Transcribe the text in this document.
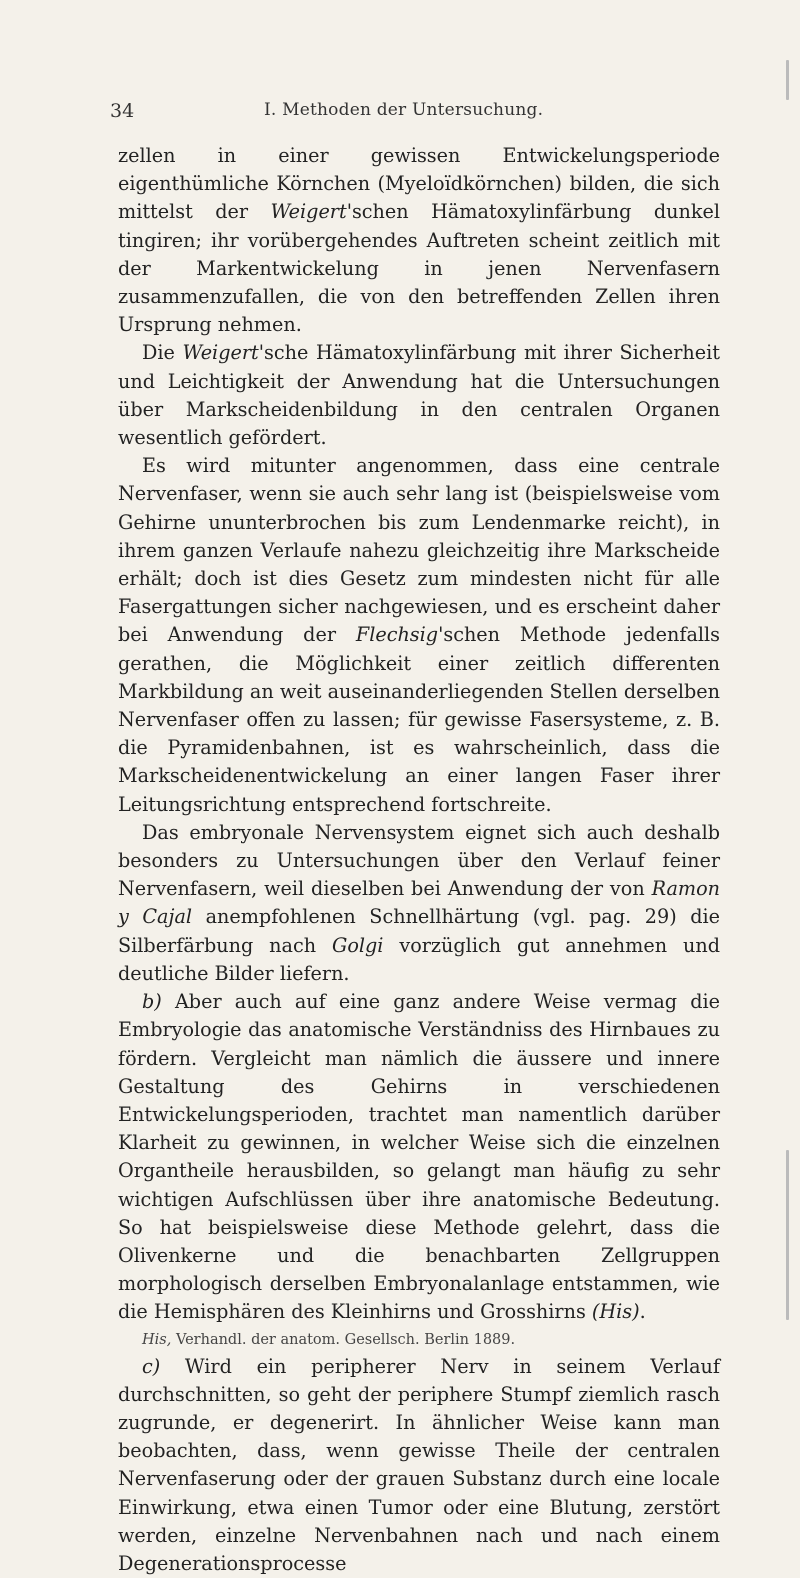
34	I. Methoden der Untersuchung.

zellen in einer gewissen Entwickelungsperiode eigenthümliche Körnchen (Myeloïdkörnchen) bilden, die sich mittelst der Weigert'schen Hämatoxylinfärbung dunkel tingiren; ihr vorübergehendes Auftreten scheint zeitlich mit der Markentwickelung in jenen Nervenfasern zusammenzufallen, die von den betreffenden Zellen ihren Ursprung nehmen.

Die Weigert'sche Hämatoxylinfärbung mit ihrer Sicherheit und Leichtigkeit der Anwendung hat die Untersuchungen über Markscheidenbildung in den centralen Organen wesentlich gefördert.

Es wird mitunter angenommen, dass eine centrale Nervenfaser, wenn sie auch sehr lang ist (beispielsweise vom Gehirne ununterbrochen bis zum Lendenmarke reicht), in ihrem ganzen Verlaufe nahezu gleichzeitig ihre Markscheide erhält; doch ist dies Gesetz zum mindesten nicht für alle Fasergattungen sicher nachgewiesen, und es erscheint daher bei Anwendung der Flechsig'schen Methode jedenfalls gerathen, die Möglichkeit einer zeitlich differenten Markbildung an weit auseinanderliegenden Stellen derselben Nervenfaser offen zu lassen; für gewisse Fasersysteme, z. B. die Pyramidenbahnen, ist es wahrscheinlich, dass die Markscheidenentwickelung an einer langen Faser ihrer Leitungsrichtung entsprechend fortschreite.

Das embryonale Nervensystem eignet sich auch deshalb besonders zu Untersuchungen über den Verlauf feiner Nervenfasern, weil dieselben bei Anwendung der von Ramon y Cajal anempfohlenen Schnellhärtung (vgl. pag. 29) die Silberfärbung nach Golgi vorzüglich gut annehmen und deutliche Bilder liefern.

b) Aber auch auf eine ganz andere Weise vermag die Embryologie das anatomische Verständniss des Hirnbaues zu fördern. Vergleicht man nämlich die äussere und innere Gestaltung des Gehirns in verschiedenen Entwickelungsperioden, trachtet man namentlich darüber Klarheit zu gewinnen, in welcher Weise sich die einzelnen Organtheile herausbilden, so gelangt man häufig zu sehr wichtigen Aufschlüssen über ihre anatomische Bedeutung. So hat beispielsweise diese Methode gelehrt, dass die Olivenkerne und die benachbarten Zellgruppen morphologisch derselben Embryonalanlage entstammen, wie die Hemisphären des Kleinhirns und Grosshirns (His).

His, Verhandl. der anatom. Gesellsch. Berlin 1889.

c) Wird ein peripherer Nerv in seinem Verlauf durchschnitten, so geht der periphere Stumpf ziemlich rasch zugrunde, er degenerirt. In ähnlicher Weise kann man beobachten, dass, wenn gewisse Theile der centralen Nervenfaserung oder der grauen Substanz durch eine locale Einwirkung, etwa einen Tumor oder eine Blutung, zerstört werden, einzelne Nervenbahnen nach und nach einem Degenerationsprocesse
